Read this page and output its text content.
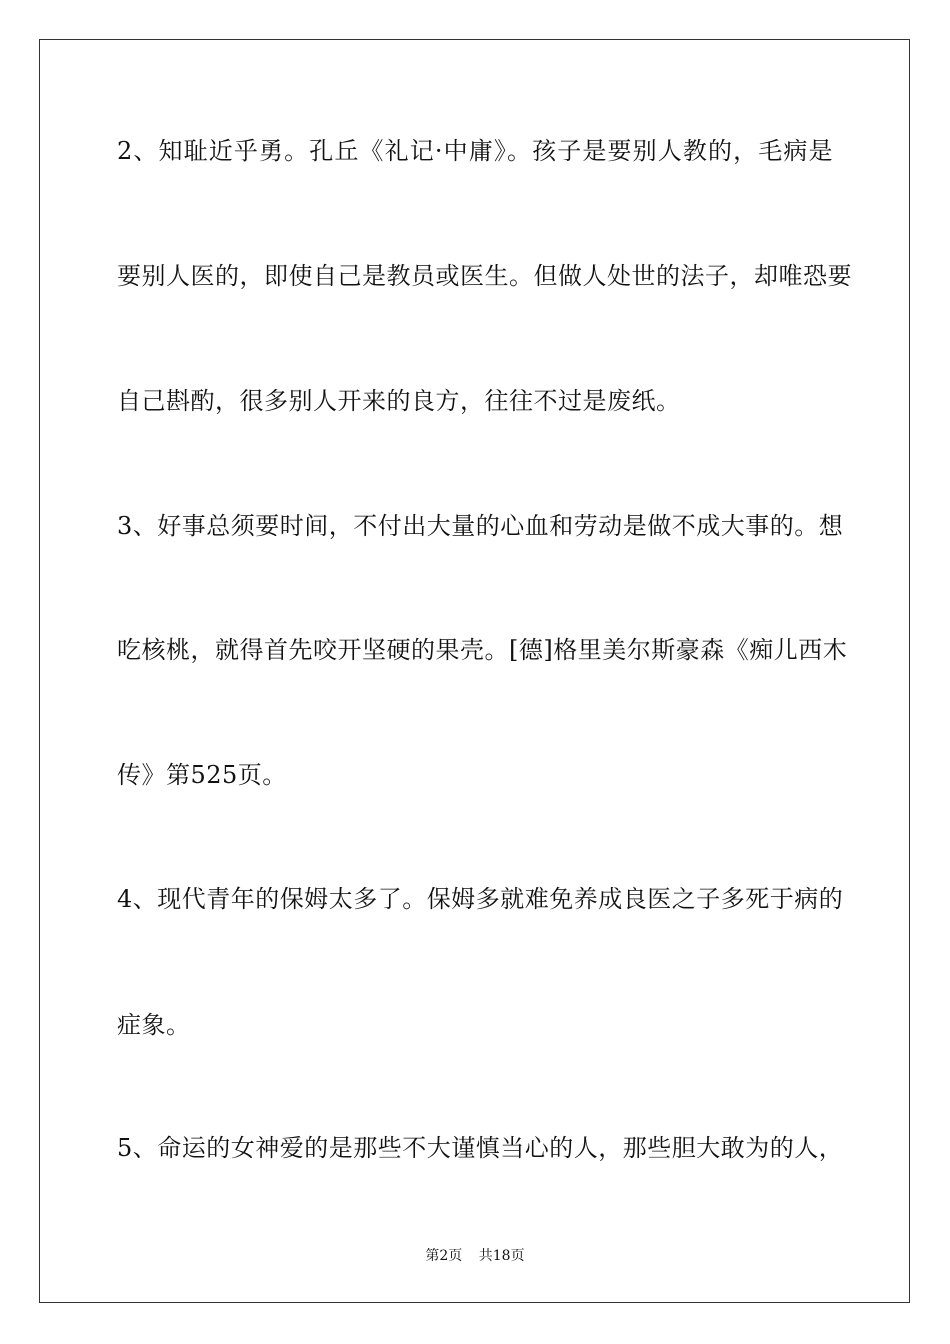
2、知耻近乎勇。孔丘《礼记·中庸》。孩子是要别人教的，毛病是
要别人医的，即使自己是教员或医生。但做人处世的法子，却唯恐要
自己斟酌，很多别人开来的良方，往往不过是废纸。
3、好事总须要时间，不付出大量的心血和劳动是做不成大事的。想
吃核桃，就得首先咬开坚硬的果壳。[德]格里美尔斯豪森《痴儿西木
传》第525页。
4、现代青年的保姆太多了。保姆多就难免养成良医之子多死于病的
症象。
5、命运的女神爱的是那些不大谨慎当心的人，那些胆大敢为的人，
第2页 共18页
